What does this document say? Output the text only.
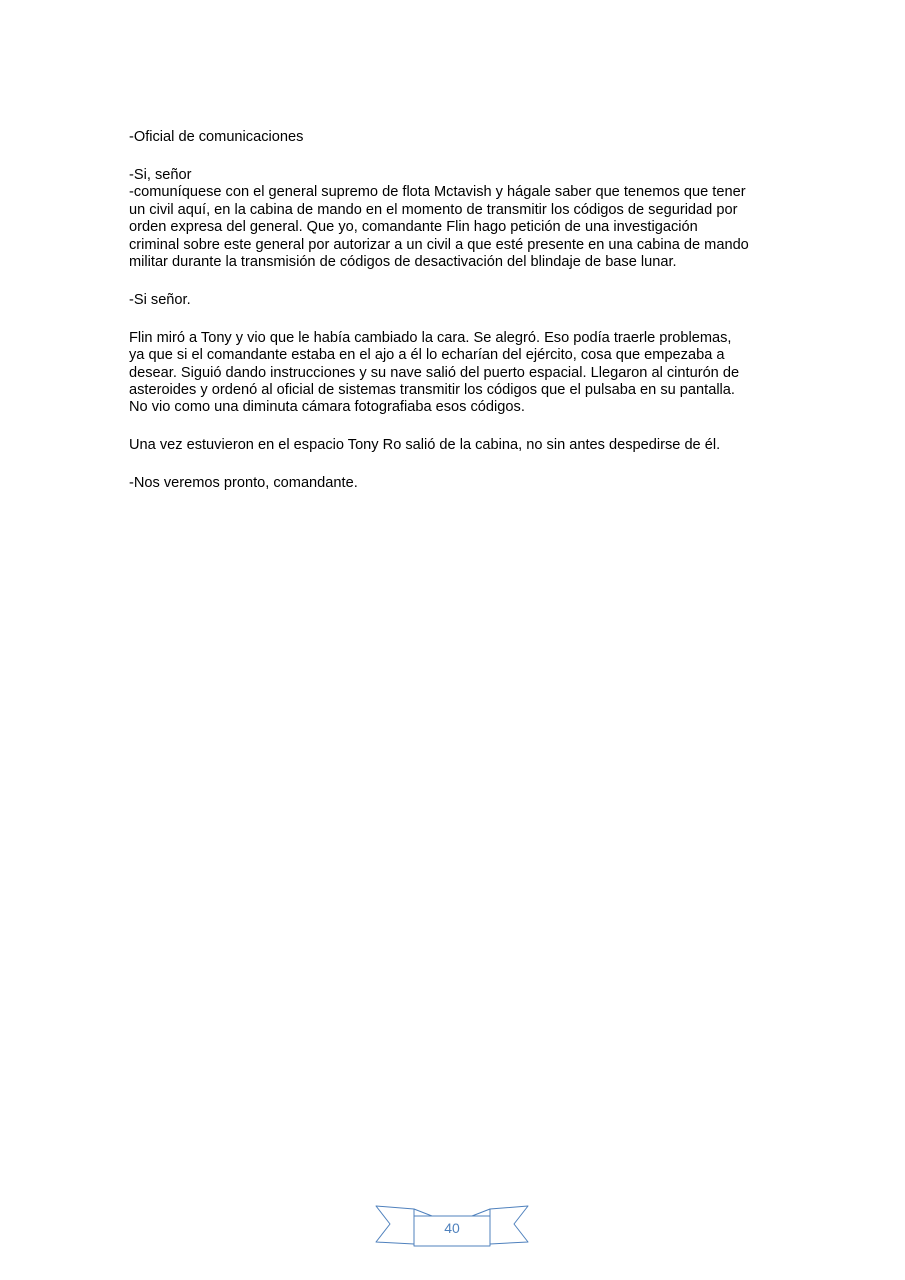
-Oficial de comunicaciones

-Si, señor
-comuníquese con el general supremo de flota Mctavish y hágale saber que tenemos que tener
un civil aquí, en la cabina de mando en el momento de transmitir los códigos de seguridad por
orden expresa del general. Que yo, comandante Flin hago petición de una investigación
criminal sobre este general por autorizar a un civil a que esté presente en una cabina de mando
militar durante la transmisión de códigos de desactivación del blindaje de base lunar.

-Si señor.

Flin miró a Tony y vio que le había cambiado la cara. Se alegró. Eso podía traerle problemas,
ya que si el comandante estaba en el ajo a él lo echarían del ejército, cosa que empezaba a
desear. Siguió dando instrucciones y su nave salió del puerto espacial. Llegaron al cinturón de
asteroides y ordenó al oficial de sistemas transmitir los códigos que el pulsaba en su pantalla.
No vio como una diminuta cámara fotografiaba esos códigos.

Una vez estuvieron en el espacio Tony Ro salió de la cabina, no sin antes despedirse de él.

-Nos veremos pronto, comandante.

40
